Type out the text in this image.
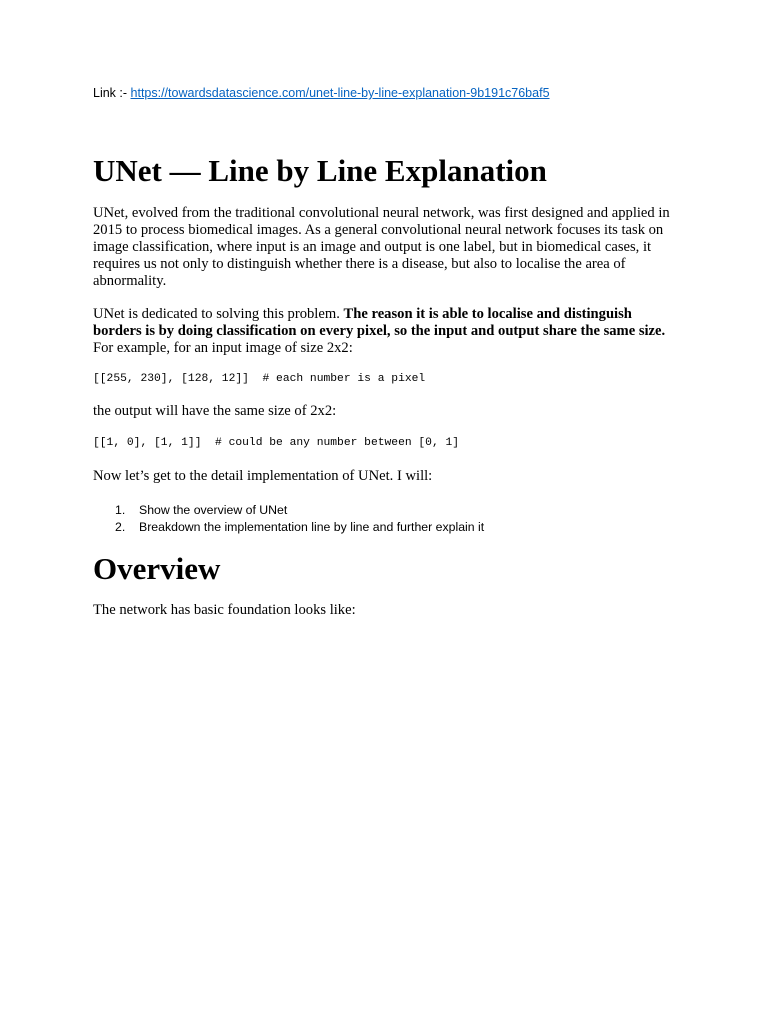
Link :- https://towardsdatascience.com/unet-line-by-line-explanation-9b191c76baf5
UNet — Line by Line Explanation

UNet, evolved from the traditional convolutional neural network, was first designed and applied in 2015 to process biomedical images. As a general convolutional neural network focuses its task on image classification, where input is an image and output is one label, but in biomedical cases, it requires us not only to distinguish whether there is a disease, but also to localise the area of abnormality.

UNet is dedicated to solving this problem. The reason it is able to localise and distinguish borders is by doing classification on every pixel, so the input and output share the same size. For example, for an input image of size 2x2:

[[255, 230], [128, 12]]  # each number is a pixel

the output will have the same size of 2x2:

[[1, 0], [1, 1]]  # could be any number between [0, 1]

Now let’s get to the detail implementation of UNet. I will:

1. Show the overview of UNet
2. Breakdown the implementation line by line and further explain it
Overview

The network has basic foundation looks like:
